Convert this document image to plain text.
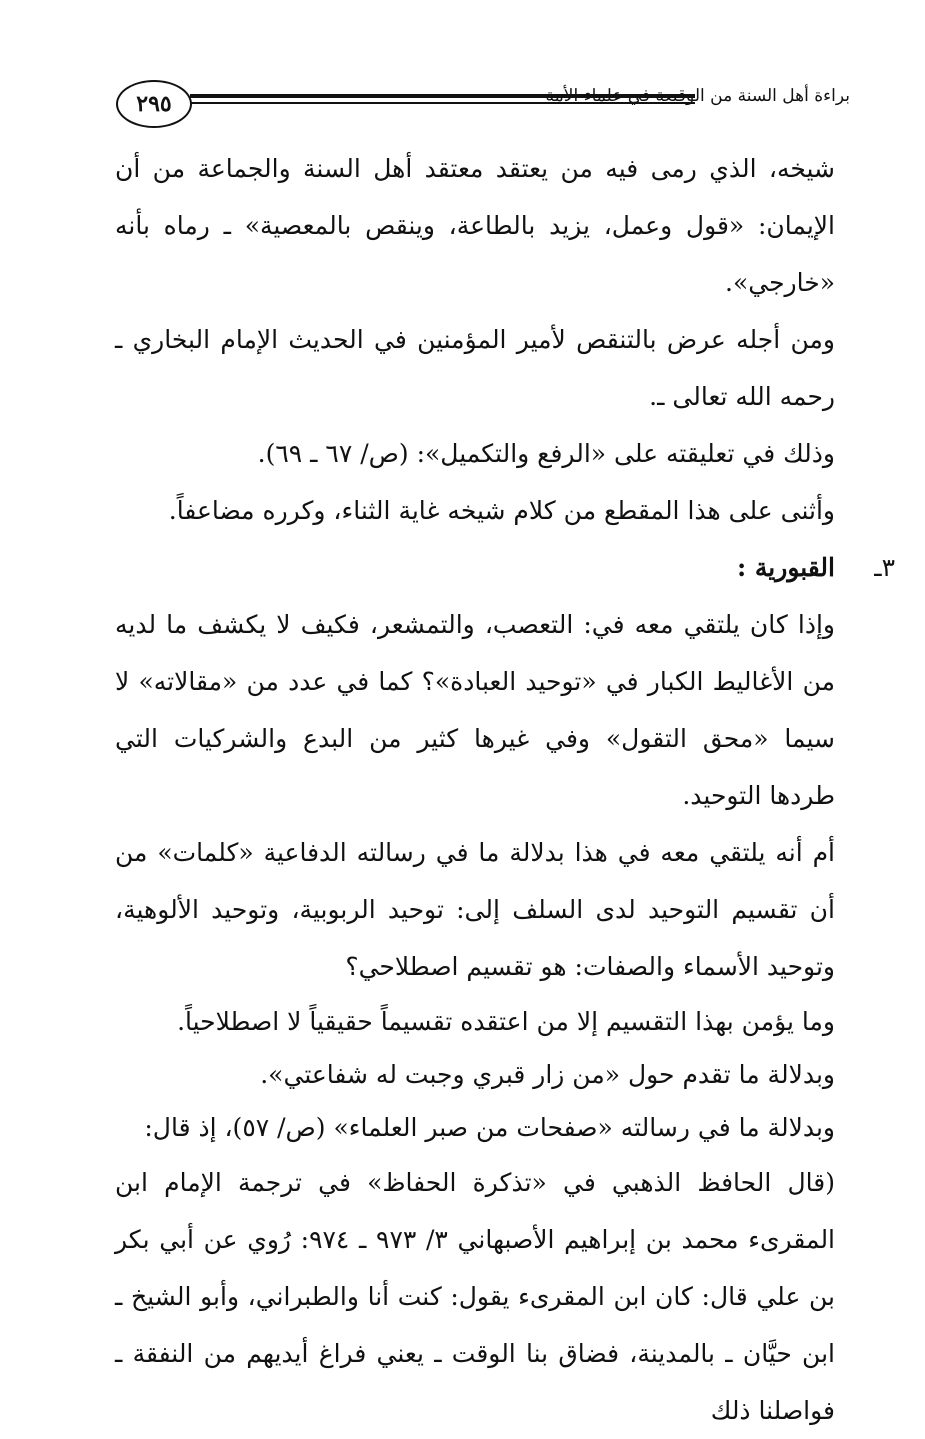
٢٩٥	براءة أهل السنة من الوقيعة في علماء الأمة

شيخه، الذي رمى فيه من يعتقد معتقد أهل السنة والجماعة من أن الإيمان: «قول وعمل، يزيد بالطاعة، وينقص بالمعصية» ـ رماه بأنه «خارجي».

ومن أجله عرض بالتنقص لأمير المؤمنين في الحديث الإمام البخاري ـ رحمه الله تعالى ـ.

وذلك في تعليقته على «الرفع والتكميل»: (ص/ ٦٧ ـ ٦٩).

وأثنى على هذا المقطع من كلام شيخه غاية الثناء، وكرره مضاعفاً.

٣ـ
القبورية :

وإذا كان يلتقي معه في: التعصب، والتمشعر، فكيف لا يكشف ما لديه من الأغاليط الكبار في «توحيد العبادة»؟ كما في عدد من «مقالاته» لا سيما «محق التقول» وفي غيرها كثير من البدع والشركيات التي طردها التوحيد.

أم أنه يلتقي معه في هذا بدلالة ما في رسالته الدفاعية «كلمات» من أن تقسيم التوحيد لدى السلف إلى: توحيد الربوبية، وتوحيد الألوهية، وتوحيد الأسماء والصفات: هو تقسيم اصطلاحي؟

وما يؤمن بهذا التقسيم إلا من اعتقده تقسيماً حقيقياً لا اصطلاحياً.

وبدلالة ما تقدم حول «من زار قبري وجبت له شفاعتي».

وبدلالة ما في رسالته «صفحات من صبر العلماء» (ص/ ٥٧)، إذ قال:

(قال الحافظ الذهبي في «تذكرة الحفاظ» في ترجمة الإمام ابن المقرىء محمد بن إبراهيم الأصبهاني ٣/ ٩٧٣ ـ ٩٧٤: رُوي عن أبي بكر بن علي قال: كان ابن المقرىء يقول: كنت أنا والطبراني، وأبو الشيخ ـ ابن حيَّان ـ بالمدينة، فضاق بنا الوقت ـ يعني فراغ أيديهم من النفقة ـ فواصلنا ذلك
